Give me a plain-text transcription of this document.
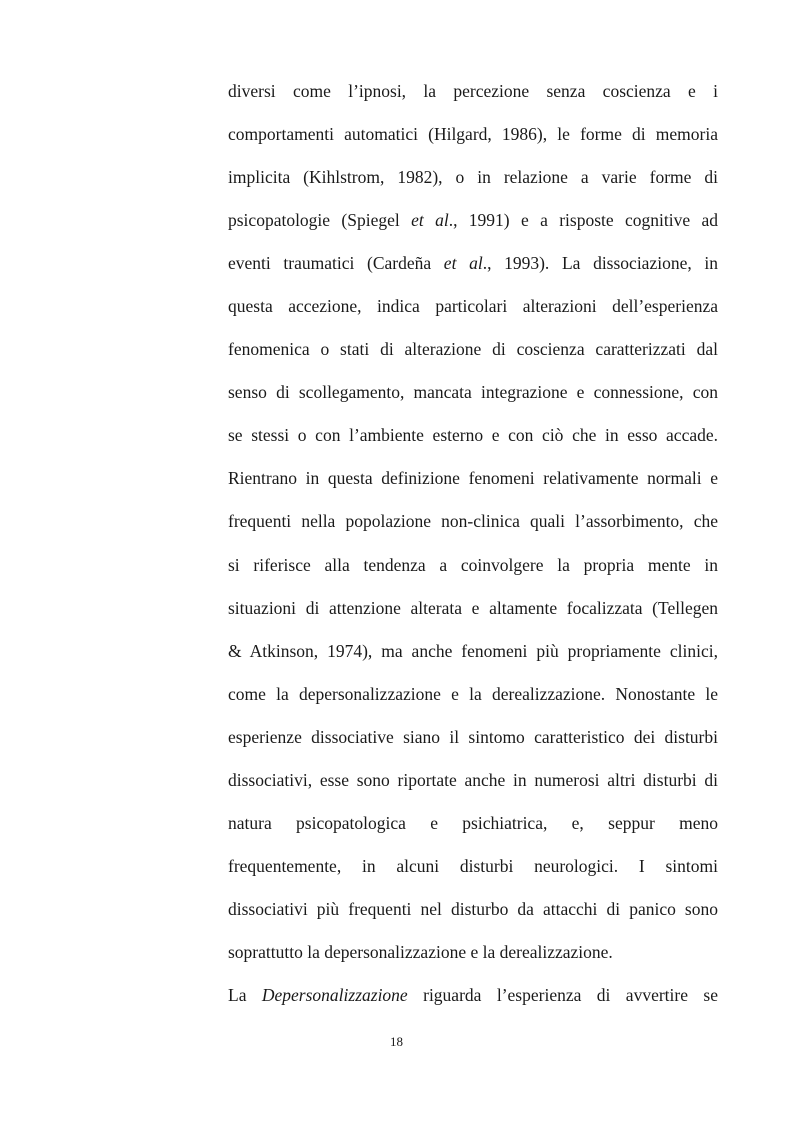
diversi come l’ipnosi, la percezione senza coscienza e i
comportamenti automatici (Hilgard, 1986), le forme di memoria
implicita (Kihlstrom, 1982), o in relazione a varie forme di
psicopatologie (Spiegel et al., 1991) e a risposte cognitive ad
eventi traumatici (Cardeña et al., 1993). La dissociazione, in
questa accezione, indica particolari alterazioni dell’esperienza
fenomenica o stati di alterazione di coscienza caratterizzati dal
senso di scollegamento, mancata integrazione e connessione, con
se stessi o con l’ambiente esterno e con ciò che in esso accade.
Rientrano in questa definizione fenomeni relativamente normali e
frequenti nella popolazione non-clinica quali l’assorbimento, che
si riferisce alla tendenza a coinvolgere la propria mente in
situazioni di attenzione alterata e altamente focalizzata (Tellegen
& Atkinson, 1974), ma anche fenomeni più propriamente clinici,
come la depersonalizzazione e la derealizzazione. Nonostante le
esperienze dissociative siano il sintomo caratteristico dei disturbi
dissociativi, esse sono riportate anche in numerosi altri disturbi di
natura psicopatologica e psichiatrica, e, seppur meno
frequentemente, in alcuni disturbi neurologici. I sintomi
dissociativi più frequenti nel disturbo da attacchi di panico sono
soprattutto la depersonalizzazione e la derealizzazione.
La Depersonalizzazione riguarda l’esperienza di avvertire se
18
